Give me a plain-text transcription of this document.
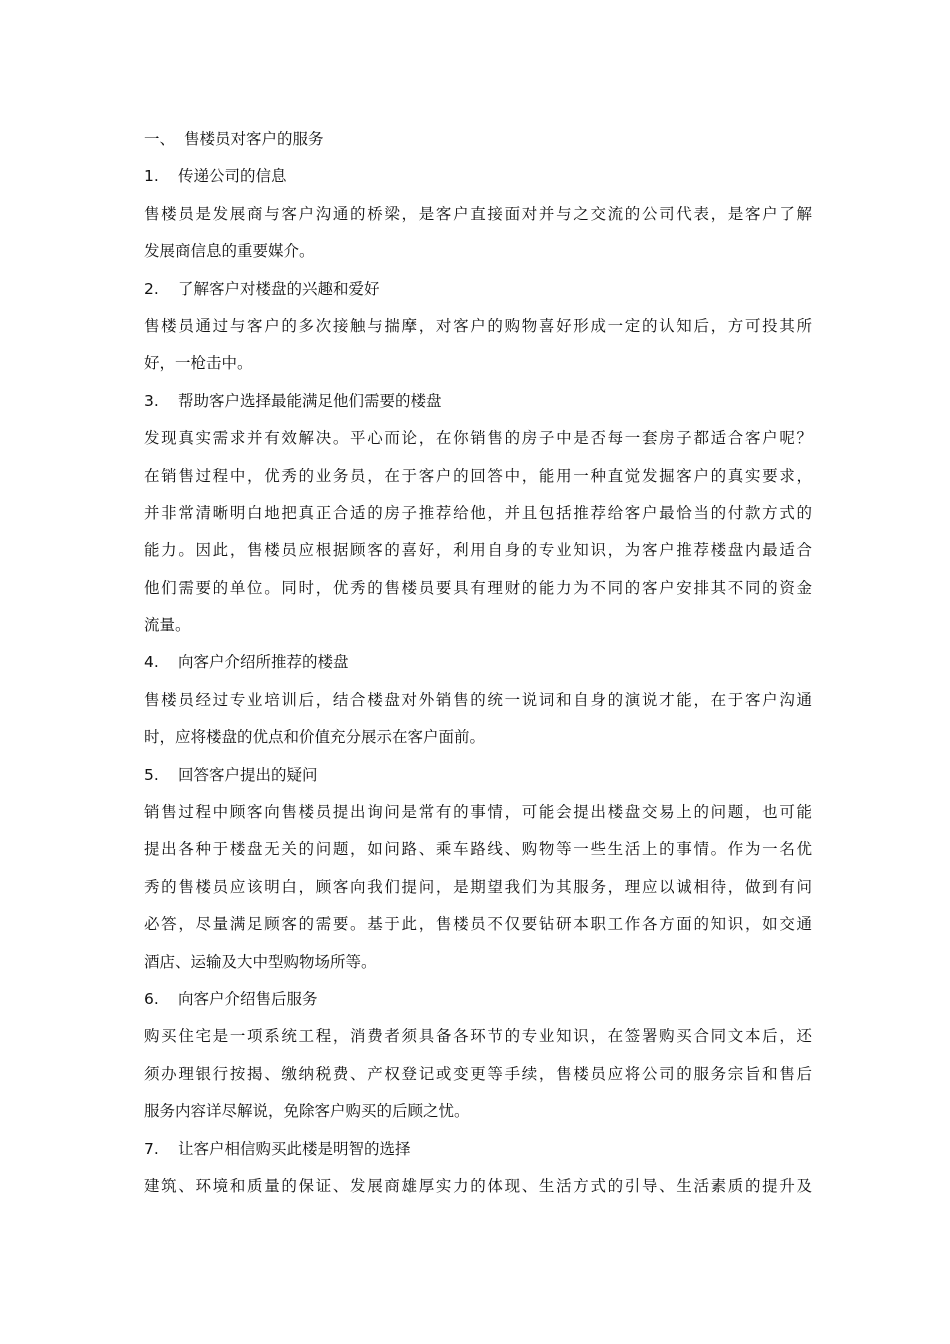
一、 售楼员对客户的服务
1. 传递公司的信息
售楼员是发展商与客户沟通的桥梁，是客户直接面对并与之交流的公司代表，是客户了解
发展商信息的重要媒介。
2. 了解客户对楼盘的兴趣和爱好
售楼员通过与客户的多次接触与揣摩，对客户的购物喜好形成一定的认知后，方可投其所
好，一枪击中。
3. 帮助客户选择最能满足他们需要的楼盘
发现真实需求并有效解决。平心而论，在你销售的房子中是否每一套房子都适合客户呢？
在销售过程中，优秀的业务员，在于客户的回答中，能用一种直觉发掘客户的真实要求，
并非常清晰明白地把真正合适的房子推荐给他，并且包括推荐给客户最恰当的付款方式的
能力。因此，售楼员应根据顾客的喜好，利用自身的专业知识，为客户推荐楼盘内最适合
他们需要的单位。同时，优秀的售楼员要具有理财的能力为不同的客户安排其不同的资金
流量。
4. 向客户介绍所推荐的楼盘
售楼员经过专业培训后，结合楼盘对外销售的统一说词和自身的演说才能，在于客户沟通
时，应将楼盘的优点和价值充分展示在客户面前。
5. 回答客户提出的疑问
销售过程中顾客向售楼员提出询问是常有的事情，可能会提出楼盘交易上的问题，也可能
提出各种于楼盘无关的问题，如问路、乘车路线、购物等一些生活上的事情。作为一名优
秀的售楼员应该明白，顾客向我们提问，是期望我们为其服务，理应以诚相待，做到有问
必答，尽量满足顾客的需要。基于此，售楼员不仅要钻研本职工作各方面的知识，如交通
酒店、运输及大中型购物场所等。
6. 向客户介绍售后服务
购买住宅是一项系统工程，消费者须具备各环节的专业知识，在签署购买合同文本后，还
须办理银行按揭、缴纳税费、产权登记或变更等手续，售楼员应将公司的服务宗旨和售后
服务内容详尽解说，免除客户购买的后顾之忧。
7. 让客户相信购买此楼是明智的选择
建筑、环境和质量的保证、发展商雄厚实力的体现、生活方式的引导、生活素质的提升及
